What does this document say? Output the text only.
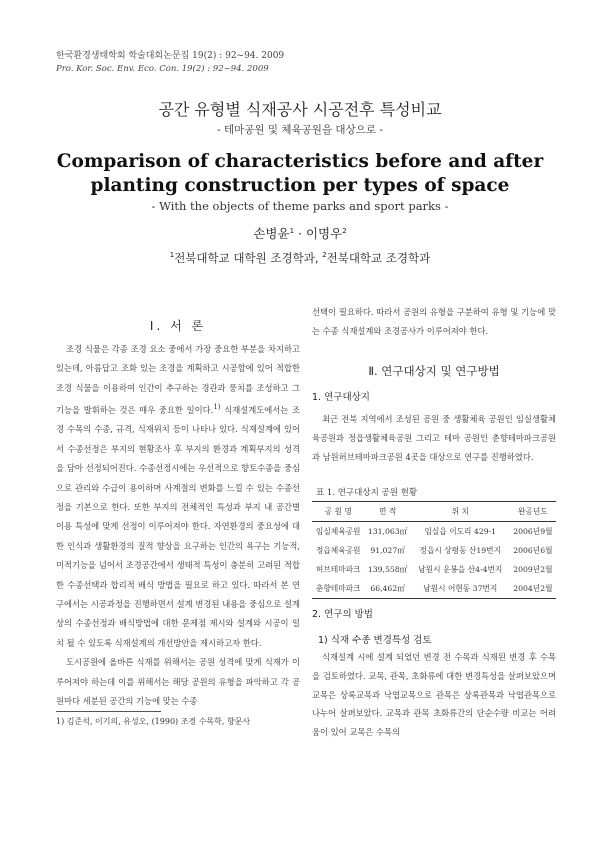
한국환경생태학회 학술대회논문집 19(2) : 92~94. 2009
Pro. Kor. Soc. Env. Eco. Con. 19(2) : 92~94. 2009
공간 유형별 식재공사 시공전후 특성비교
- 테마공원 및 체육공원을 대상으로 -
Comparison of characteristics before and after planting construction per types of space
- With the objects of theme parks and sport parks -
손병윤$^1$ · 이명우$^2$
$^1$전북대학교 대학원 조경학과, $^2$전북대학교 조경학과
Ⅰ. 서 론

조경 식물은 각종 조경 요소 중에서 가장 중요한 부분을 차지하고 있는데, 아름답고 조화 있는 조경을 계획하고 시공함에 있어 적합한 조경 식물을 이용하여 인간이 추구하는 경관과 풍치를 조성하고 그 기능을 발휘하는 것은 매우 중요한 일이다.$^{1)}$ 식재설계도에서는 조경 수목의 수종, 규격, 식재위치 등이 나타나 있다. 식재설계에 있어서 수종선정은 부지의 현황조사 후 부지의 환경과 계획부지의 성격을 담아 선정되어진다. 수종선정시에는 우선적으로 향토수종을 중심으로 관리와 수급이 용이하며 사계절의 변화를 느낄 수 있는 수종선정을 기본으로 한다. 또한 부지의 전체적인 특성과 부지 내 공간별 이용 특성에 맞게 선정이 이루어져야 한다. 자연환경의 중요성에 대한 인식과 생활환경의 질적 향상을 요구하는 인간의 욕구는 기능적, 미적기능을 넘어서 조경공간에서 생태적 특성이 충분히 고려된 적합한 수종선택과 합리적 배식 방법을 필요로 하고 있다. 따라서 본 연구에서는 시공과정을 진행하면서 설계 변경된 내용을 중심으로 설계상의 수종선정과 배식방법에 대한 문제점 제시와 설계와 시공이 일치 될 수 있도록 식재설계의 개선방안을 제시하고자 한다.

도시공원에 올바른 식재를 위해서는 공원 성격에 맞게 식재가 이루어져야 하는데 이를 위해서는 해당 공원의 유형을 파악하고 각 공원마다 세분된 공간의 기능에 맞는 수종

1) 김준석, 이기의, 유성오, (1990) 조경 수목학, 향문사

선택이 필요하다. 따라서 공원의 유형을 구분하여 유형 및 기능에 맞는 수종 식재설계와 조경공사가 이루어져야 한다.

Ⅱ. 연구대상지 및 연구방법
1. 연구대상지

최근 전북 지역에서 조성된 공원 중 생활체육 공원인 임실생활체육공원과 정읍생활체육공원 그리고 테마 공원인 춘향테마파크공원과 남원허브테마파크공원 4곳을 대상으로 연구를 진행하였다.

표 1. 연구대상지 공원 현황
공 원 명	면 적	위 치	완공년도
임실체육공원	131,063㎡	임실읍 이도리 429-1	2006년9월
정읍체육공원	91,027㎡	정읍시 상평동 산19번지	2006년6월
허브테마파크	139,558㎡	남원시 운봉읍 산4-4번지	2009년2월
춘향테마파크	66,462㎡	남원시 어현동 37번지	2004년2월
2. 연구의 방법
1) 식재 수종 변경특성 검토

식재설계 시에 설계 되었던 변경 전 수목과 식재된 변경 후 수목을 검토하였다. 교목, 관목, 초화류에 대한 변경특성을 살펴보았으며 교목은 상록교목과 낙엽교목으로 관목은 상록관목과 낙엽관목으로 나누어 살펴보았다. 교목과 관목 초화류간의 단순수량 비교는 어려움이 있어 교목은 수목의
